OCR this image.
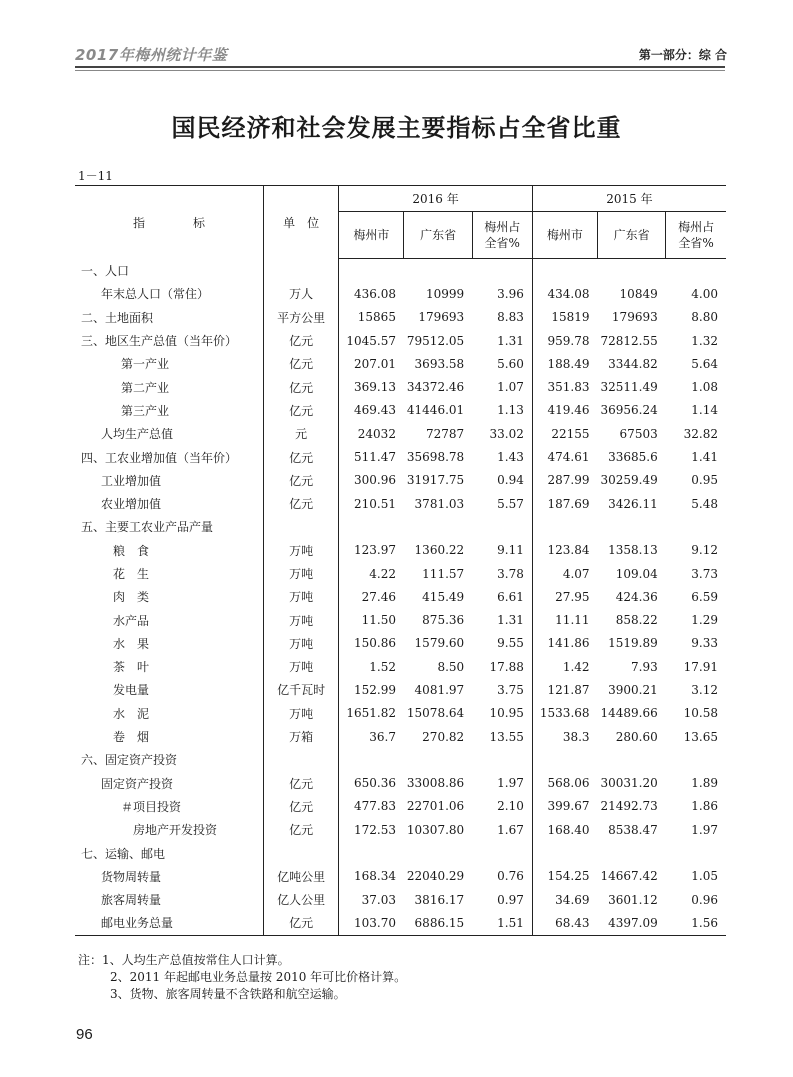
2017年梅州统计年鉴	第一部分：综 合
国民经济和社会发展主要指标占全省比重
1－11
指　　　　标	单　位	2016 年			2015 年		
		梅州市	广东省	梅州占全省%	梅州市	广东省	梅州占全省%
一、人口							
年末总人口（常住）	万人	436.08	10999	3.96	434.08	10849	4.00
二、土地面积	平方公里	15865	179693	8.83	15819	179693	8.80
三、地区生产总值（当年价）	亿元	1045.57	79512.05	1.31	959.78	72812.55	1.32
第一产业	亿元	207.01	3693.58	5.60	188.49	3344.82	5.64
第二产业	亿元	369.13	34372.46	1.07	351.83	32511.49	1.08
第三产业	亿元	469.43	41446.01	1.13	419.46	36956.24	1.14
人均生产总值	元	24032	72787	33.02	22155	67503	32.82
四、工农业增加值（当年价）	亿元	511.47	35698.78	1.43	474.61	33685.6	1.41
工业增加值	亿元	300.96	31917.75	0.94	287.99	30259.49	0.95
农业增加值	亿元	210.51	3781.03	5.57	187.69	3426.11	5.48
五、主要工农业产品产量							
粮　食	万吨	123.97	1360.22	9.11	123.84	1358.13	9.12
花　生	万吨	4.22	111.57	3.78	4.07	109.04	3.73
肉　类	万吨	27.46	415.49	6.61	27.95	424.36	6.59
水产品	万吨	11.50	875.36	1.31	11.11	858.22	1.29
水　果	万吨	150.86	1579.60	9.55	141.86	1519.89	9.33
茶　叶	万吨	1.52	8.50	17.88	1.42	7.93	17.91
发电量	亿千瓦时	152.99	4081.97	3.75	121.87	3900.21	3.12
水　泥	万吨	1651.82	15078.64	10.95	1533.68	14489.66	10.58
卷　烟	万箱	36.7	270.82	13.55	38.3	280.60	13.65
六、固定资产投资							
固定资产投资	亿元	650.36	33008.86	1.97	568.06	30031.20	1.89
＃项目投资	亿元	477.83	22701.06	2.10	399.67	21492.73	1.86
房地产开发投资	亿元	172.53	10307.80	1.67	168.40	8538.47	1.97
七、运输、邮电							
货物周转量	亿吨公里	168.34	22040.29	0.76	154.25	14667.42	1.05
旅客周转量	亿人公里	37.03	3816.17	0.97	34.69	3601.12	0.96
邮电业务总量	亿元	103.70	6886.15	1.51	68.43	4397.09	1.56
注：1、人均生产总值按常住人口计算。
2、2011 年起邮电业务总量按 2010 年可比价格计算。
3、货物、旅客周转量不含铁路和航空运输。
96
